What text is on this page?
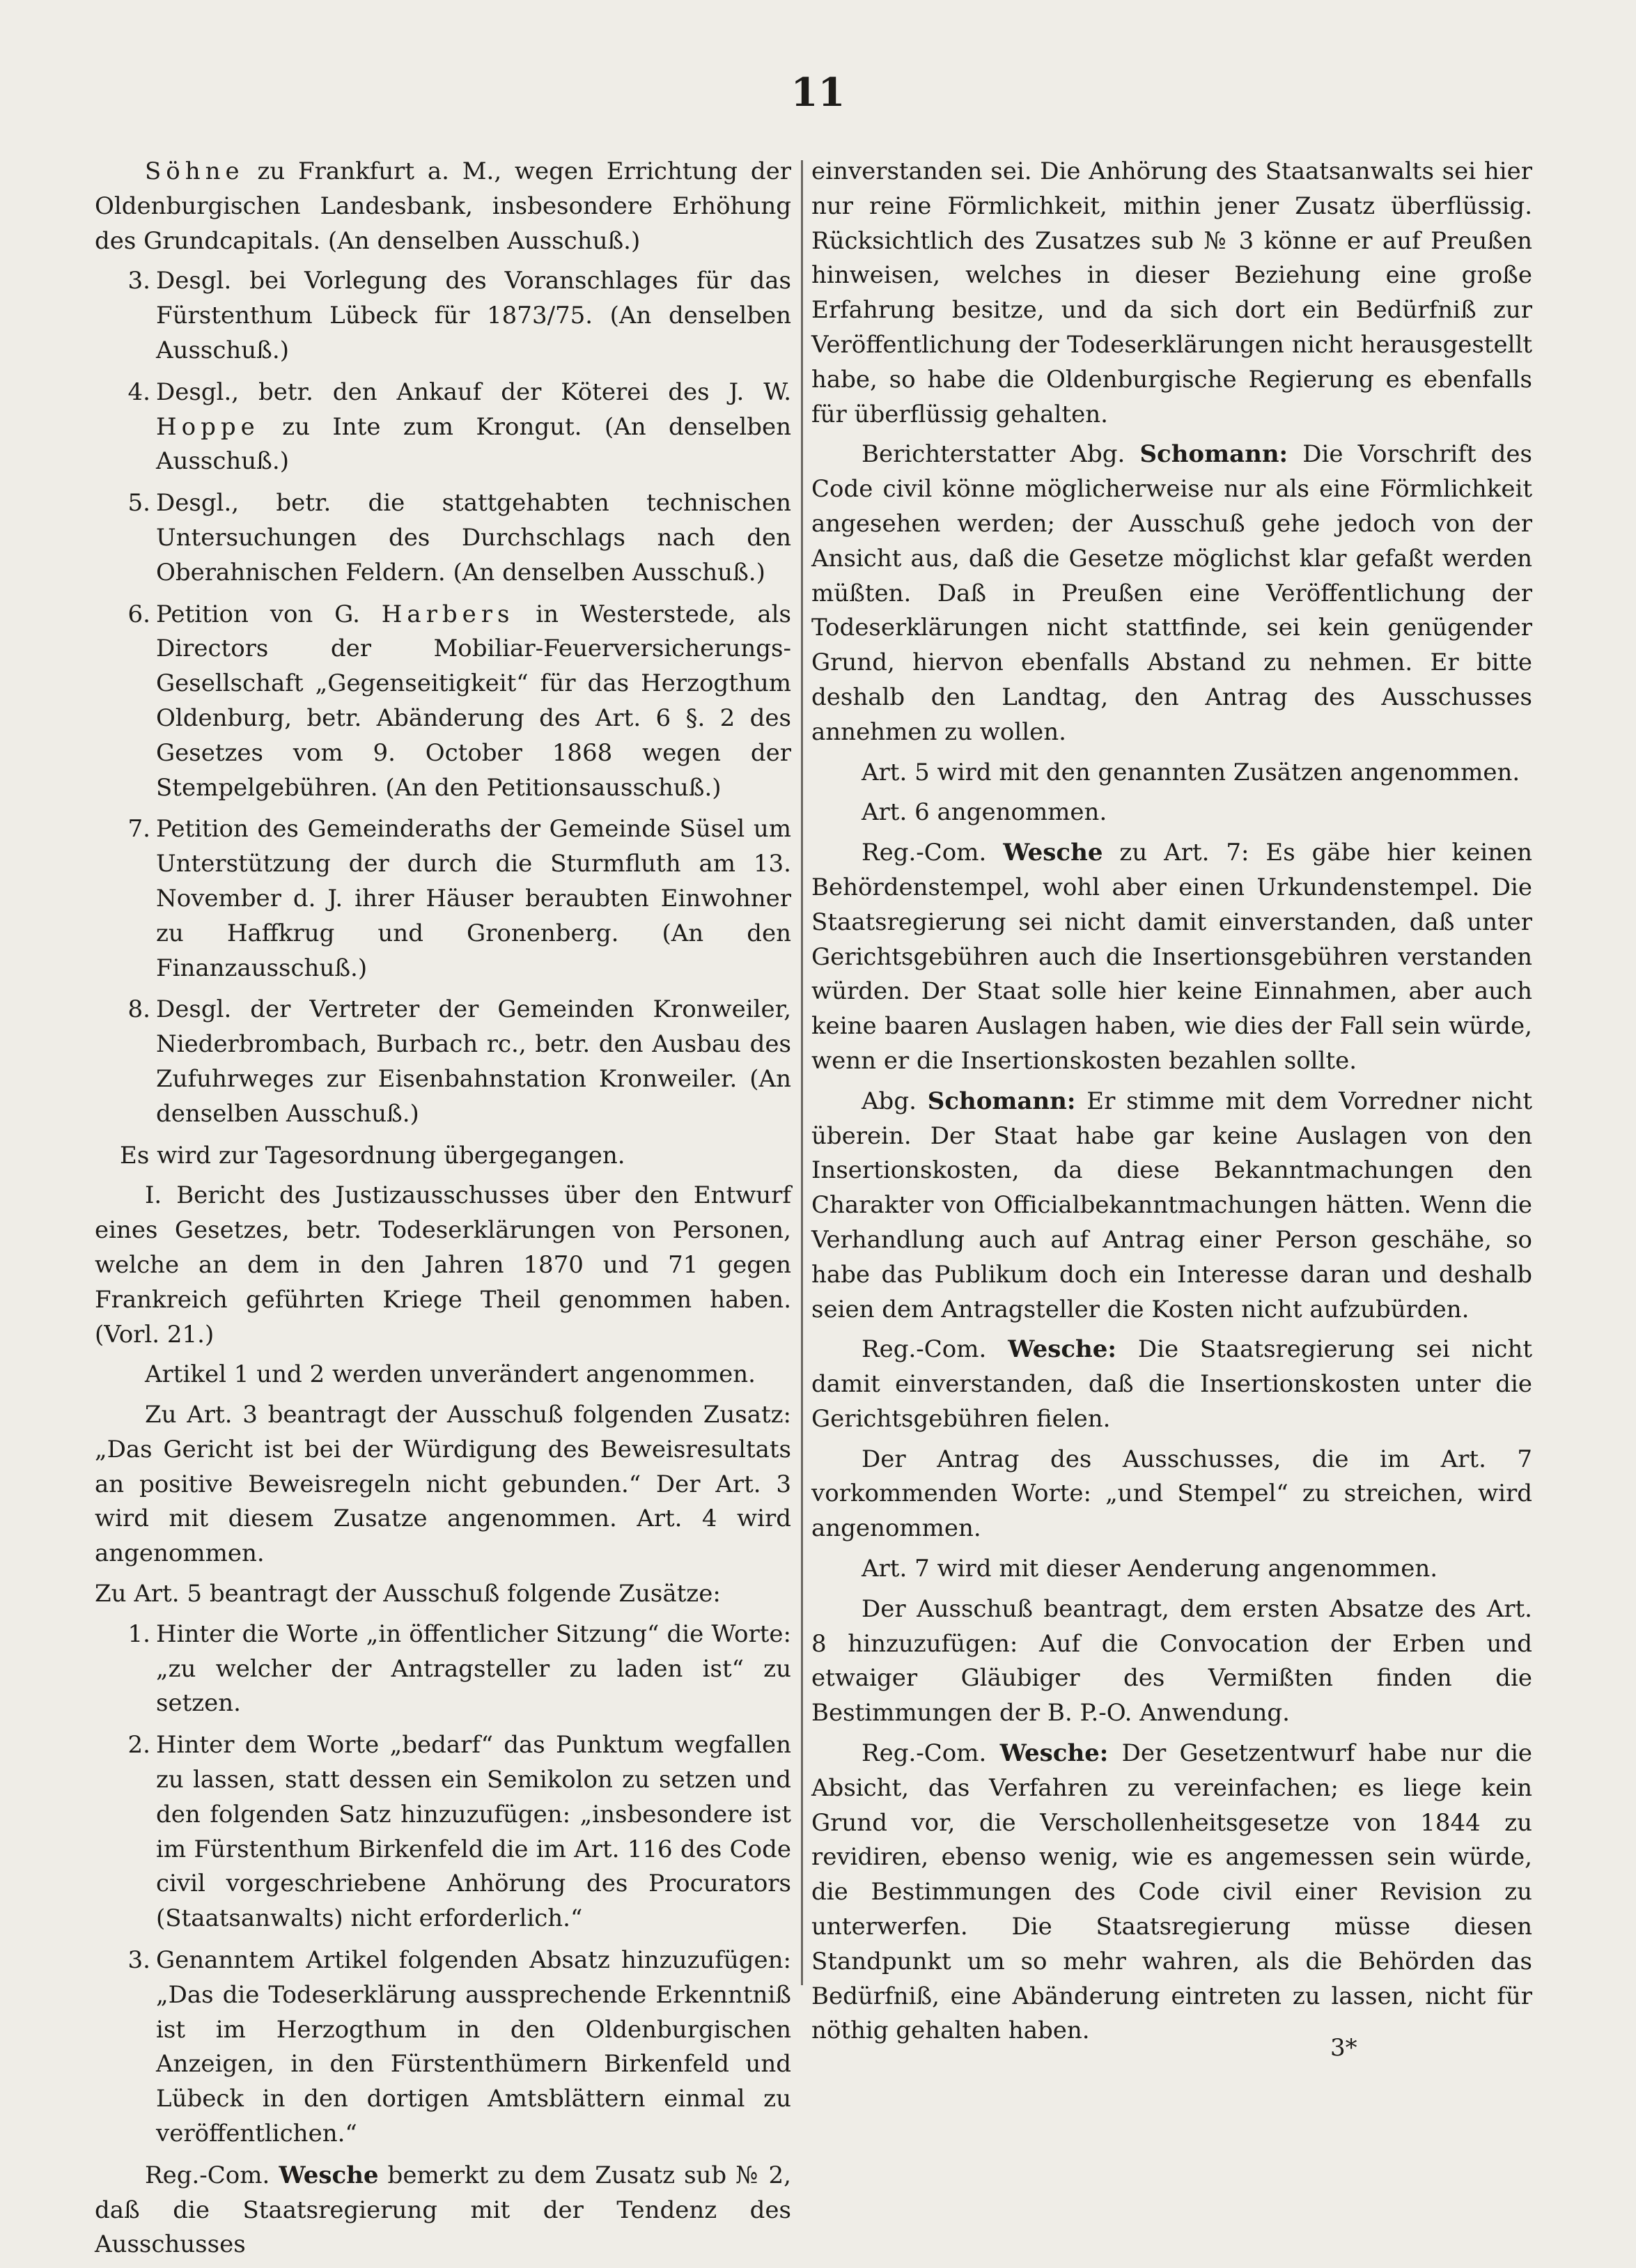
11

Söhne zu Frankfurt a. M., wegen Errichtung der Oldenburgischen Landesbank, insbesondere Erhöhung des Grundcapitals. (An denselben Ausschuß.)

3. Desgl. bei Vorlegung des Voranschlages für das Fürstenthum Lübeck für 1873/75. (An denselben Ausschuß.)
4. Desgl., betr. den Ankauf der Köterei des J. W. Hoppe zu Inte zum Krongut. (An denselben Ausschuß.)
5. Desgl., betr. die stattgehabten technischen Untersuchungen des Durchschlags nach den Oberahnischen Feldern. (An denselben Ausschuß.)
6. Petition von G. Harbers in Westerstede, als Directors der Mobiliar-Feuerversicherungs-Gesellschaft „Gegenseitigkeit“ für das Herzogthum Oldenburg, betr. Abänderung des Art. 6 §. 2 des Gesetzes vom 9. October 1868 wegen der Stempelgebühren. (An den Petitionsausschuß.)
7. Petition des Gemeinderaths der Gemeinde Süsel um Unterstützung der durch die Sturmfluth am 13. November d. J. ihrer Häuser beraubten Einwohner zu Haffkrug und Gronenberg. (An den Finanzausschuß.)
8. Desgl. der Vertreter der Gemeinden Kronweiler, Niederbrombach, Burbach rc., betr. den Ausbau des Zufuhrweges zur Eisenbahnstation Kronweiler. (An denselben Ausschuß.)

Es wird zur Tagesordnung übergegangen.

I. Bericht des Justizausschusses über den Entwurf eines Gesetzes, betr. Todeserklärungen von Personen, welche an dem in den Jahren 1870 und 71 gegen Frankreich geführten Kriege Theil genommen haben. (Vorl. 21.)

Artikel 1 und 2 werden unverändert angenommen.

Zu Art. 3 beantragt der Ausschuß folgenden Zusatz: „Das Gericht ist bei der Würdigung des Beweisresultats an positive Beweisregeln nicht gebunden.“ Der Art. 3 wird mit diesem Zusatze angenommen. Art. 4 wird angenommen.

Zu Art. 5 beantragt der Ausschuß folgende Zusätze:

1. Hinter die Worte „in öffentlicher Sitzung“ die Worte: „zu welcher der Antragsteller zu laden ist“ zu setzen.
2. Hinter dem Worte „bedarf“ das Punktum wegfallen zu lassen, statt dessen ein Semikolon zu setzen und den folgenden Satz hinzuzufügen: „insbesondere ist im Fürstenthum Birkenfeld die im Art. 116 des Code civil vorgeschriebene Anhörung des Procurators (Staatsanwalts) nicht erforderlich.“
3. Genanntem Artikel folgenden Absatz hinzuzufügen: „Das die Todeserklärung aussprechende Erkenntniß ist im Herzogthum in den Oldenburgischen Anzeigen, in den Fürstenthümern Birkenfeld und Lübeck in den dortigen Amtsblättern einmal zu veröffentlichen.“

Reg.-Com. Wesche bemerkt zu dem Zusatz sub № 2, daß die Staatsregierung mit der Tendenz des Ausschusses

einverstanden sei. Die Anhörung des Staatsanwalts sei hier nur reine Förmlichkeit, mithin jener Zusatz überflüssig. Rücksichtlich des Zusatzes sub № 3 könne er auf Preußen hinweisen, welches in dieser Beziehung eine große Erfahrung besitze, und da sich dort ein Bedürfniß zur Veröffentlichung der Todeserklärungen nicht herausgestellt habe, so habe die Oldenburgische Regierung es ebenfalls für überflüssig gehalten.

Berichterstatter Abg. Schomann: Die Vorschrift des Code civil könne möglicherweise nur als eine Förmlichkeit angesehen werden; der Ausschuß gehe jedoch von der Ansicht aus, daß die Gesetze möglichst klar gefaßt werden müßten. Daß in Preußen eine Veröffentlichung der Todeserklärungen nicht stattfinde, sei kein genügender Grund, hiervon ebenfalls Abstand zu nehmen. Er bitte deshalb den Landtag, den Antrag des Ausschusses annehmen zu wollen.

Art. 5 wird mit den genannten Zusätzen angenommen.

Art. 6 angenommen.

Reg.-Com. Wesche zu Art. 7: Es gäbe hier keinen Behördenstempel, wohl aber einen Urkundenstempel. Die Staatsregierung sei nicht damit einverstanden, daß unter Gerichtsgebühren auch die Insertionsgebühren verstanden würden. Der Staat solle hier keine Einnahmen, aber auch keine baaren Auslagen haben, wie dies der Fall sein würde, wenn er die Insertionskosten bezahlen sollte.

Abg. Schomann: Er stimme mit dem Vorredner nicht überein. Der Staat habe gar keine Auslagen von den Insertionskosten, da diese Bekanntmachungen den Charakter von Officialbekanntmachungen hätten. Wenn die Verhandlung auch auf Antrag einer Person geschähe, so habe das Publikum doch ein Interesse daran und deshalb seien dem Antragsteller die Kosten nicht aufzubürden.

Reg.-Com. Wesche: Die Staatsregierung sei nicht damit einverstanden, daß die Insertionskosten unter die Gerichtsgebühren fielen.

Der Antrag des Ausschusses, die im Art. 7 vorkommenden Worte: „und Stempel“ zu streichen, wird angenommen.

Art. 7 wird mit dieser Aenderung angenommen.

Der Ausschuß beantragt, dem ersten Absatze des Art. 8 hinzuzufügen: Auf die Convocation der Erben und etwaiger Gläubiger des Vermißten finden die Bestimmungen der B. P.-O. Anwendung.

Reg.-Com. Wesche: Der Gesetzentwurf habe nur die Absicht, das Verfahren zu vereinfachen; es liege kein Grund vor, die Verschollenheitsgesetze von 1844 zu revidiren, ebenso wenig, wie es angemessen sein würde, die Bestimmungen des Code civil einer Revision zu unterwerfen. Die Staatsregierung müsse diesen Standpunkt um so mehr wahren, als die Behörden das Bedürfniß, eine Abänderung eintreten zu lassen, nicht für nöthig gehalten haben.

3*
